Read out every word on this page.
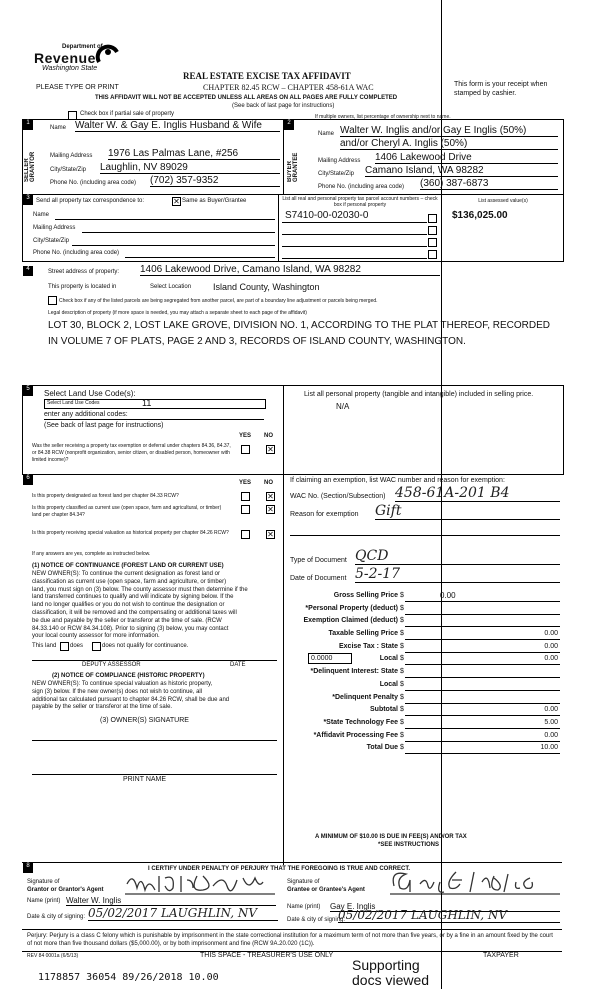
Department of
Revenue
Washington State
PLEASE TYPE OR PRINT
REAL ESTATE EXCISE TAX AFFIDAVIT
CHAPTER 82.45 RCW – CHAPTER 458-61A WAC
THIS AFFIDAVIT WILL NOT BE ACCEPTED UNLESS ALL AREAS ON ALL PAGES ARE FULLY COMPLETED
(See back of last page for instructions)
This form is your receipt when stamped by cashier.
Check box if partial sale of property	If multiple owners, list percentage of ownership next to name.
1	2
SELLER GRANTOR	BUYER GRANTEE
Name Walter W. & Gay E. Inglis Husband & Wife
Mailing Address 1976 Las Palmas Lane, #256
City/State/Zip Laughlin, NV 89029
Phone No. (including area code) (702) 357-9352
Name Walter W. Inglis and/or Gay E Inglis (50%)
and/or Cheryl A. Inglis (50%)
Mailing Address 1406 Lakewood Drive
City/State/Zip Camano Island, WA 98282
Phone No. (including area code) (360) 387-6873
3	Send all property tax correspondence to:	✕ Same as Buyer/Grantee
Name
Mailing Address
City/State/Zip
Phone No. (including area code)
List all real and personal property tax parcel account numbers – check box if personal property
List assessed value(s)
S7410-00-02030-0	$136,025.00
4	Street address of property: 1406 Lakewood Drive, Camano Island, WA 98282
This property is located in	Select Location Island County, Washington
Check box if any of the listed parcels are being segregated from another parcel, are part of a boundary line adjustment or parcels being merged.
Legal description of property (if more space is needed, you may attach a separate sheet to each page of the affidavit)
LOT 30, BLOCK 2, LOST LAKE GROVE, DIVISION NO. 1, ACCORDING TO THE PLAT THEREOF, RECORDED
IN VOLUME 7 OF PLATS, PAGE 2 AND 3, RECORDS OF ISLAND COUNTY, WASHINGTON.
5	Select Land Use Code(s):
Select Land Use Codes	11
enter any additional codes:
(See back of last page for instructions)
YES NO
Was the seller receiving a property tax exemption or deferral under chapters 84.36, 84.37, or 84.38 RCW (nonprofit organization, senior citizen, or disabled person, homeowner with limited income)?
✕
List all personal property (tangible and intangible) included in selling price.
N/A
6
YES NO
Is this property designated as forest land per chapter 84.33 RCW?	✕
Is this property classified as current use (open space, farm and agricultural, or timber) land per chapter 84.34?
✕
Is this property receiving special valuation as historical property per chapter 84.26 RCW?	✕
If any answers are yes, complete as instructed below.
(1) NOTICE OF CONTINUANCE (FOREST LAND OR CURRENT USE)
NEW OWNER(S): To continue the current designation as forest land or
classification as current use (open space, farm and agriculture, or timber)
land, you must sign on (3) below. The county assessor must then determine if the
land transferred continues to qualify and will indicate by signing below. If the
land no longer qualifies or you do not wish to continue the designation or
classification, it will be removed and the compensating or additional taxes will
be due and payable by the seller or transferor at the time of sale. (RCW
84.33.140 or RCW 84.34.108). Prior to signing (3) below, you may contact
your local county assessor for more information.
This land does	does not qualify for continuance.
DEPUTY ASSESSOR	DATE
(2) NOTICE OF COMPLIANCE (HISTORIC PROPERTY)
NEW OWNER(S): To continue special valuation as historic property,
sign (3) below. If the new owner(s) does not wish to continue, all
additional tax calculated pursuant to chapter 84.26 RCW, shall be due and
payable by the seller or transferor at the time of sale.
(3) OWNER(S) SIGNATURE
PRINT NAME
If claiming an exemption, list WAC number and reason for exemption:
WAC No. (Section/Subsection) 458-61A-201 B4
Reason for exemption Gift
Type of Document QCD
Date of Document 5-2-17
Gross Selling Price $	0.00
*Personal Property (deduct) $
Exemption Claimed (deduct) $
Taxable Selling Price $	0.00
Excise Tax : State $	0.00
0.0000	Local $	0.00
*Delinquent Interest: State $
Local $
*Delinquent Penalty $
Subtotal $	0.00
*State Technology Fee $	5.00
*Affidavit Processing Fee $	0.00
Total Due $	10.00
A MINIMUM OF $10.00 IS DUE IN FEE(S) AND/OR TAX
*SEE INSTRUCTIONS
8	I CERTIFY UNDER PENALTY OF PERJURY THAT THE FOREGOING IS TRUE AND CORRECT.
Signature of
Grantor or Grantor's Agent
Name (print) Walter W. Inglis
Date & city of signing: 05/02/2017 LAUGHLIN, NV
Signature of
Grantee or Grantee's Agent
Name (print) Gay E. Inglis
Date & city of signing:
05/02/2017 LAUGHLIN, NV
Perjury: Perjury is a class C felony which is punishable by imprisonment in the state correctional institution for a maximum term of not more than five years, or by a fine in an amount fixed by the court of not more than five thousand dollars ($5,000.00), or by both imprisonment and fine (RCW 9A.20.020 (1C)).
REV 84 0001a (6/5/13)	THIS SPACE - TREASURER'S USE ONLY	TAXPAYER
Supporting
docs viewed
1178857 36054 89/26/2018 10.00
